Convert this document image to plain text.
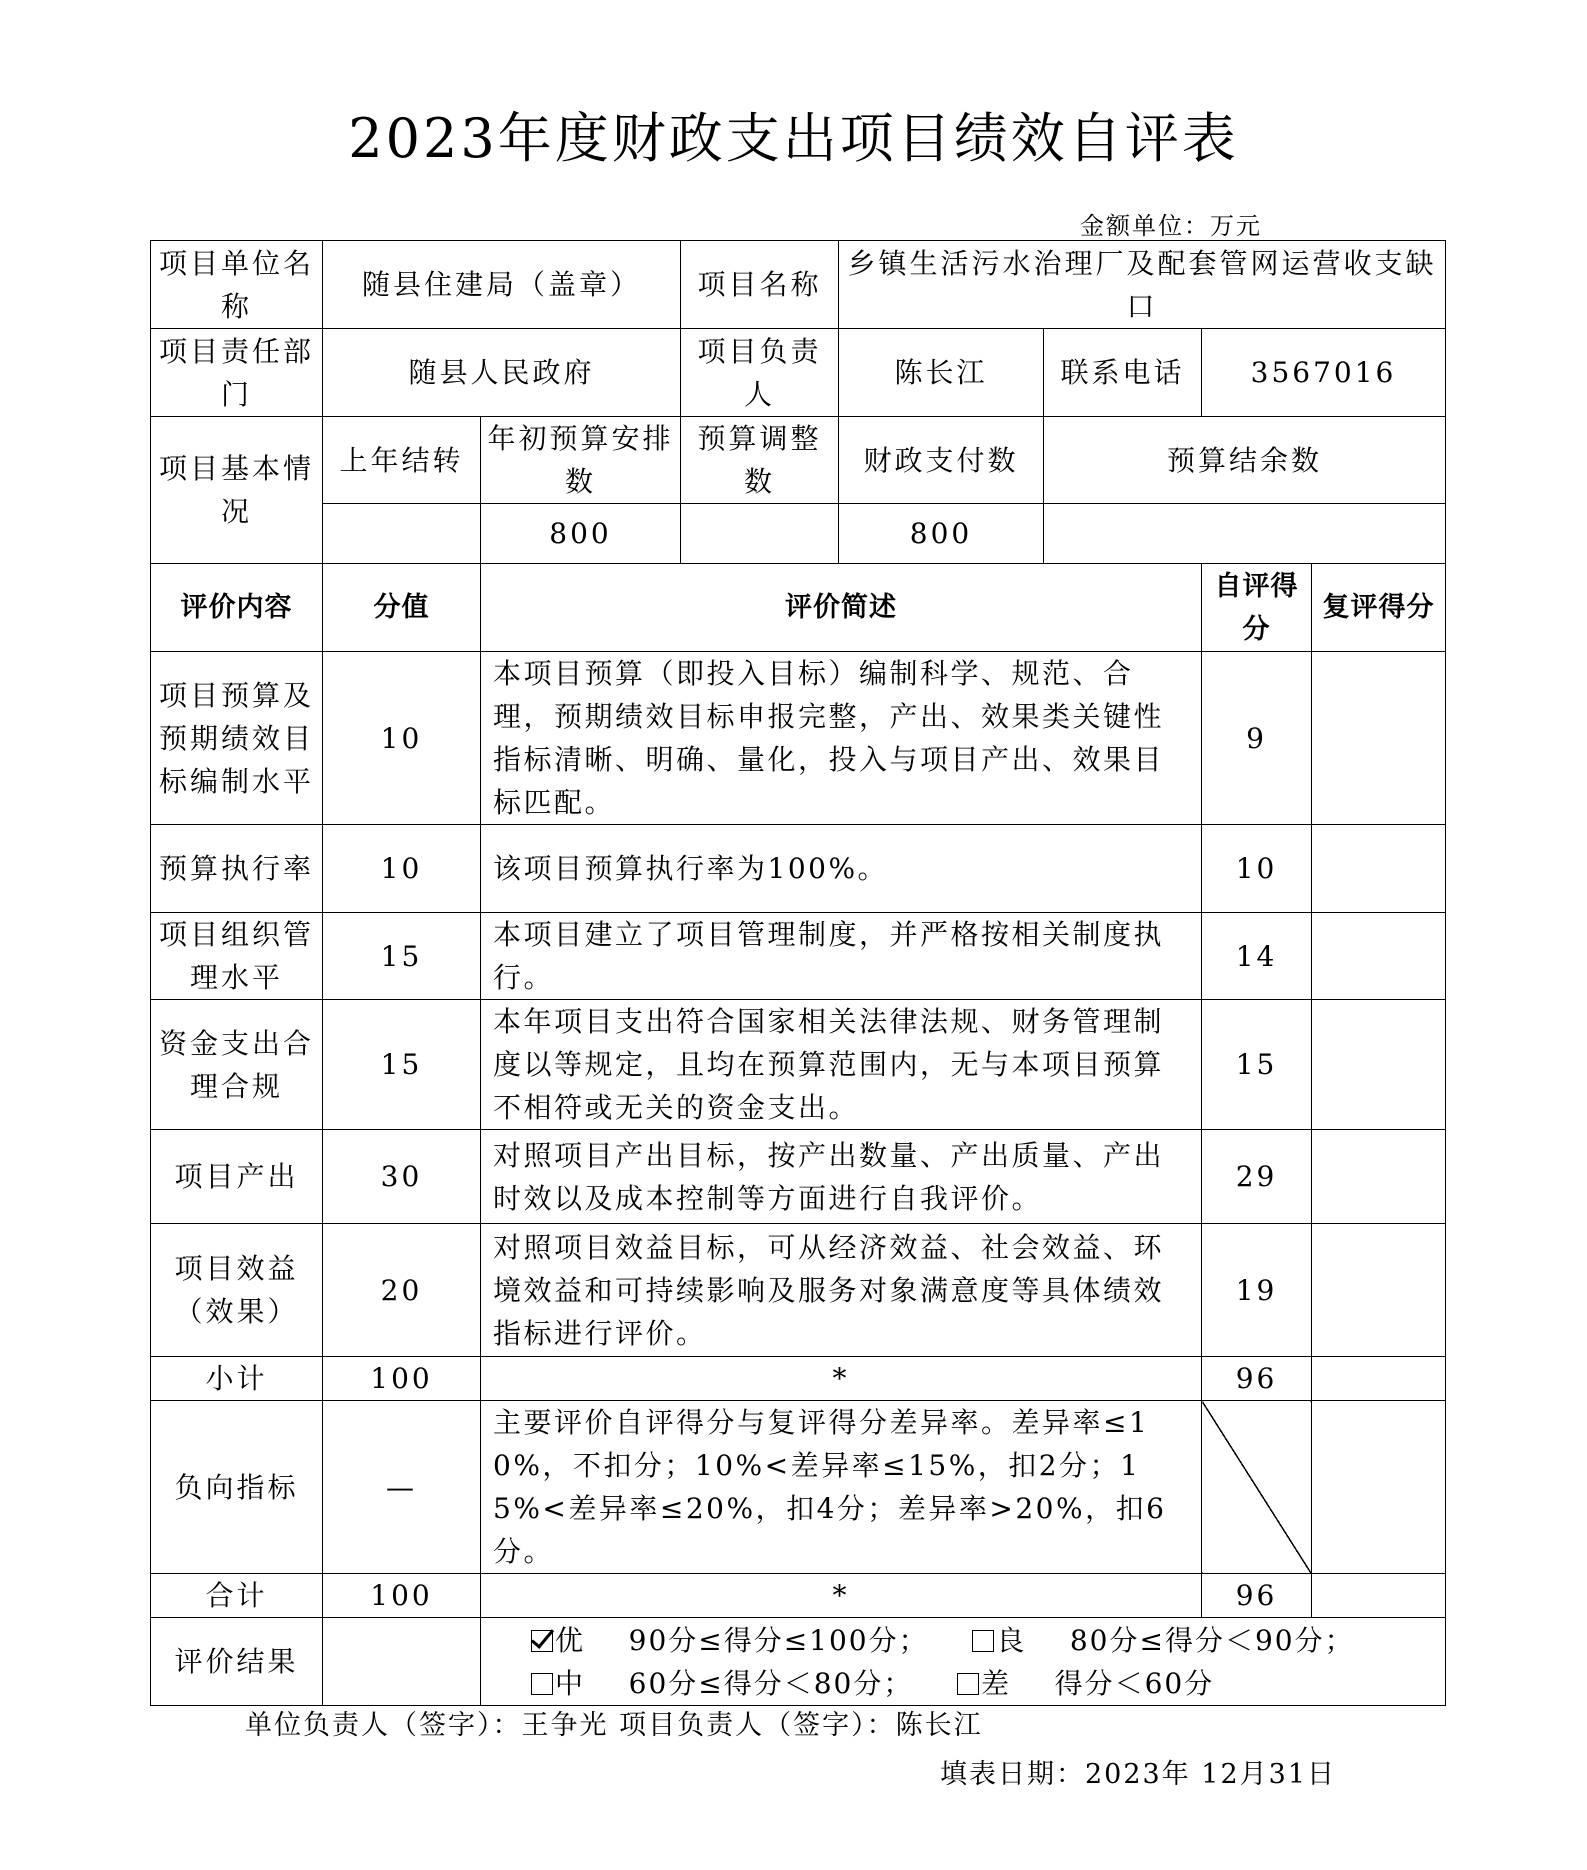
2023年度财政支出项目绩效自评表
金额单位：万元
项目单位名称	随县住建局（盖章）		项目名称	乡镇生活污水治理厂及配套管网运营收支缺口			
项目责任部门	随县人民政府		项目负责人	陈长江	联系电话	3567016	
项目基本情况	上年结转	年初预算安排数	预算调整数	财政支付数	预算结余数		
		800		800			
评价内容	分值	评价简述				自评得分	复评得分
项目预算及预期绩效目标编制水平	10	本项目预算（即投入目标）编制科学、规范、合理，预期绩效目标申报完整，产出、效果类关键性指标清晰、明确、量化，投入与项目产出、效果目标匹配。				9	
预算执行率	10	该项目预算执行率为100%。				10	
项目组织管理水平	15	本项目建立了项目管理制度，并严格按相关制度执行。				14	
资金支出合理合规	15	本年项目支出符合国家相关法律法规、财务管理制度以等规定，且均在预算范围内，无与本项目预算不相符或无关的资金支出。				15	
项目产出	30	对照项目产出目标，按产出数量、产出质量、产出时效以及成本控制等方面进行自我评价。				29	
项目效益（效果）	20	对照项目效益目标，可从经济效益、社会效益、环境效益和可持续影响及服务对象满意度等具体绩效指标进行评价。				19	
小计	100	*				96	
负向指标	—	主要评价自评得分与复评得分差异率。差异率≤10%，不扣分；10%<差异率≤15%，扣2分；15%<差异率≤20%，扣4分；差异率>20%，扣6分。					
合计	100	*				96	
评价结果		优 90分≤得分≤100分； 良 80分≤得分＜90分；
中 60分≤得分＜80分； 差 得分＜60分					
单位负责人（签字）：王争光 项目负责人（签字）：陈长江
填表日期：2023年 12月31日
